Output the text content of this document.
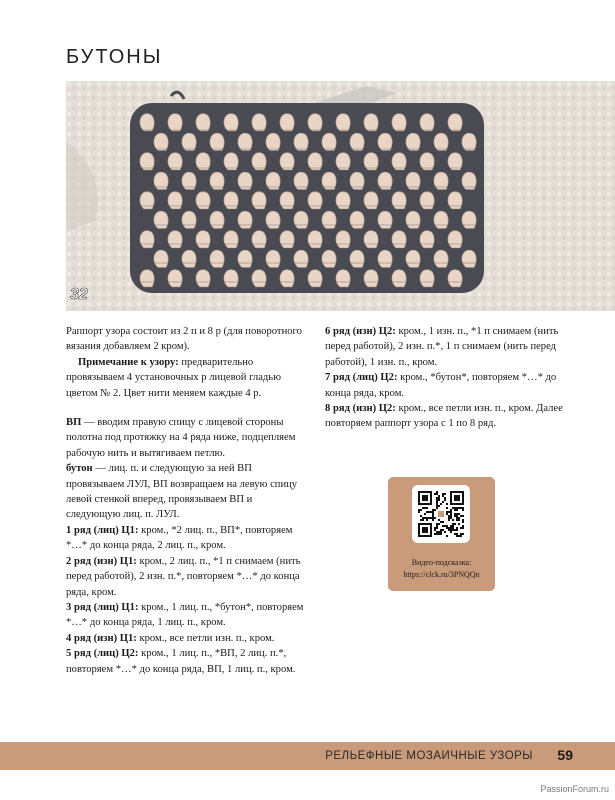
БУТОНЫ
32

Раппорт узора состоит из 2 п и 8 р (для поворотного вязания добавляем 2 кром).

Примечание к узору: предварительно провязываем 4 установочных р лицевой гладью цветом № 2. Цвет нити меняем каждые 4 р.

ВП — вводим правую спицу с лицевой стороны полотна под протяжку на 4 ряда ниже, подцепляем рабочую нить и вытягиваем петлю.

бутон — лиц. п. и следующую за ней ВП провязываем ЛУЛ, ВП возвращаем на левую спицу левой стенкой вперед, провязываем ВП и следующую лиц. п. ЛУЛ.

1 ряд (лиц) Ц1: кром., *2 лиц. п., ВП*, повторяем *…* до конца ряда, 2 лиц. п., кром.

2 ряд (изн) Ц1: кром., 2 лиц. п., *1 п снимаем (нить перед работой), 2 изн. п.*, повторяем *…* до конца ряда, кром.

3 ряд (лиц) Ц1: кром., 1 лиц. п., *бутон*, повторяем *…* до конца ряда, 1 лиц. п., кром.

4 ряд (изн) Ц1: кром., все петли изн. п., кром.

5 ряд (лиц) Ц2: кром., 1 лиц. п., *ВП, 2 лиц. п.*, повторяем *…* до конца ряда, ВП, 1 лиц. п., кром.

6 ряд (изн) Ц2: кром., 1 изн. п., *1 п снимаем (нить перед работой), 2 изн. п.*, 1 п снимаем (нить перед работой), 1 изн. п., кром.

7 ряд (лиц) Ц2: кром., *бутон*, повторяем *…* до конца ряда, кром.

8 ряд (изн) Ц2: кром., все петли изн. п., кром. Далее повторяем раппорт узора с 1 по 8 ряд.

Видео-подсказка:
https://clck.ru/3PNQQn
РЕЛЬЕФНЫЕ МОЗАИЧНЫЕ УЗОРЫ 59
PassionForum.ru
